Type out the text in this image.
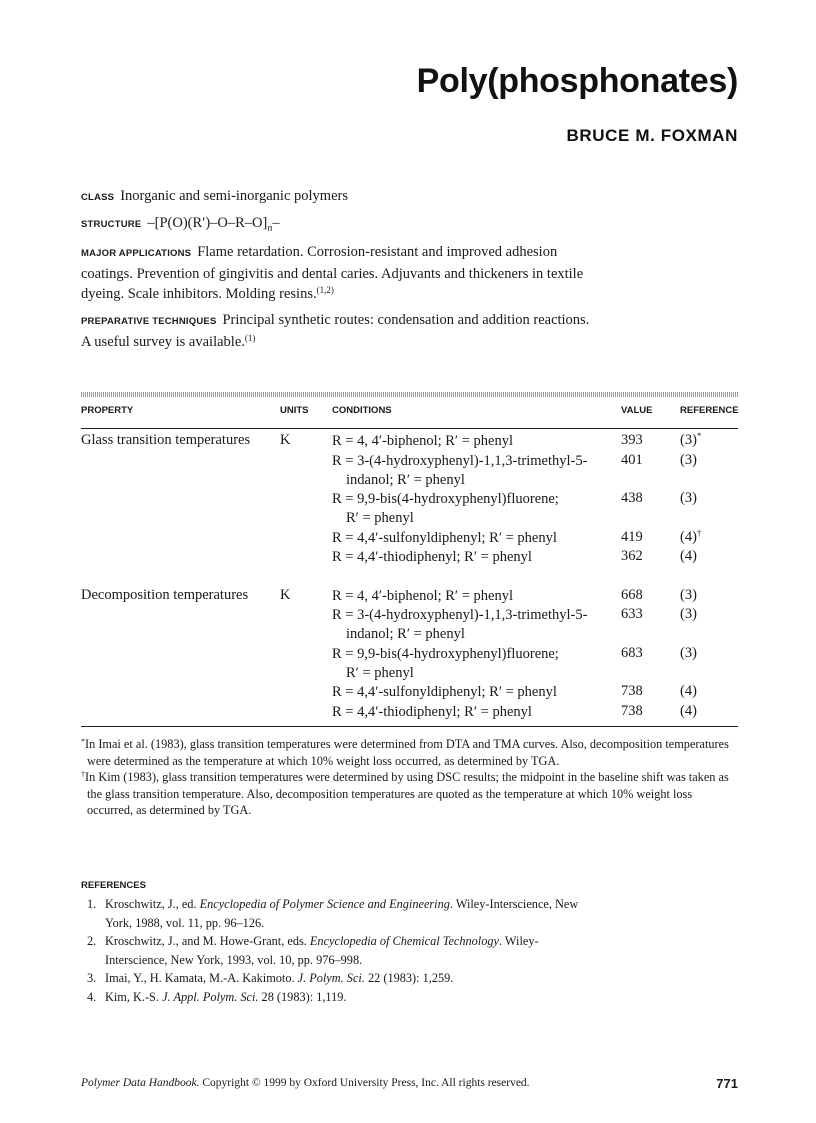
Poly(phosphonates)
BRUCE M. FOXMAN
CLASS Inorganic and semi-inorganic polymers
STRUCTURE $-[P(O)(R')-O-R-O]_n-$
MAJOR APPLICATIONS Flame retardation. Corrosion-resistant and improved adhesion coatings. Prevention of gingivitis and dental caries. Adjuvants and thickeners in textile dyeing. Scale inhibitors. Molding resins.$^{(1,2)}$
PREPARATIVE TECHNIQUES Principal synthetic routes: condensation and addition reactions. A useful survey is available.$^{(1)}$
PROPERTY	UNITS CONDITIONS	VALUE	REFERENCE
Glass transition temperatures K	R = 4, 4′-biphenol; R′ = phenyl	393	(3)*
R = 3-(4-hydroxyphenyl)-1,1,3-trimethyl-5-
indanol; R′ = phenyl
401	(3)
R = 9,9-bis(4-hydroxyphenyl)fluorene;
R′ = phenyl
438	(3)
R = 4,4′-sulfonyldiphenyl; R′ = phenyl	419	(4)†
R = 4,4′-thiodiphenyl; R′ = phenyl	362	(4)
Decomposition temperatures K	R = 4, 4′-biphenol; R′ = phenyl	668	(3)
R = 3-(4-hydroxyphenyl)-1,1,3-trimethyl-5-
indanol; R′ = phenyl
633	(3)
R = 9,9-bis(4-hydroxyphenyl)fluorene;
R′ = phenyl
683	(3)
R = 4,4′-sulfonyldiphenyl; R′ = phenyl	738	(4)
R = 4,4′-thiodiphenyl; R′ = phenyl	738	(4)

*In Imai et al. (1983), glass transition temperatures were determined from DTA and TMA curves. Also, decomposition temperatures were determined as the temperature at which 10% weight loss occurred, as determined by TGA.

†In Kim (1983), glass transition temperatures were determined by using DSC results; the midpoint in the baseline shift was taken as the glass transition temperature. Also, decomposition temperatures are quoted as the temperature at which 10% weight loss occurred, as determined by TGA.

REFERENCES
1. Kroschwitz, J., ed. Encyclopedia of Polymer Science and Engineering. Wiley-Interscience, New York, 1988, vol. 11, pp. 96–126.
2. Kroschwitz, J., and M. Howe-Grant, eds. Encyclopedia of Chemical Technology. Wiley-Interscience, New York, 1993, vol. 10, pp. 976–998.
3. Imai, Y., H. Kamata, M.-A. Kakimoto. J. Polym. Sci. 22 (1983): 1,259.
4. Kim, K.-S. J. Appl. Polym. Sci. 28 (1983): 1,119.
Polymer Data Handbook. Copyright © 1999 by Oxford University Press, Inc. All rights reserved.	771
